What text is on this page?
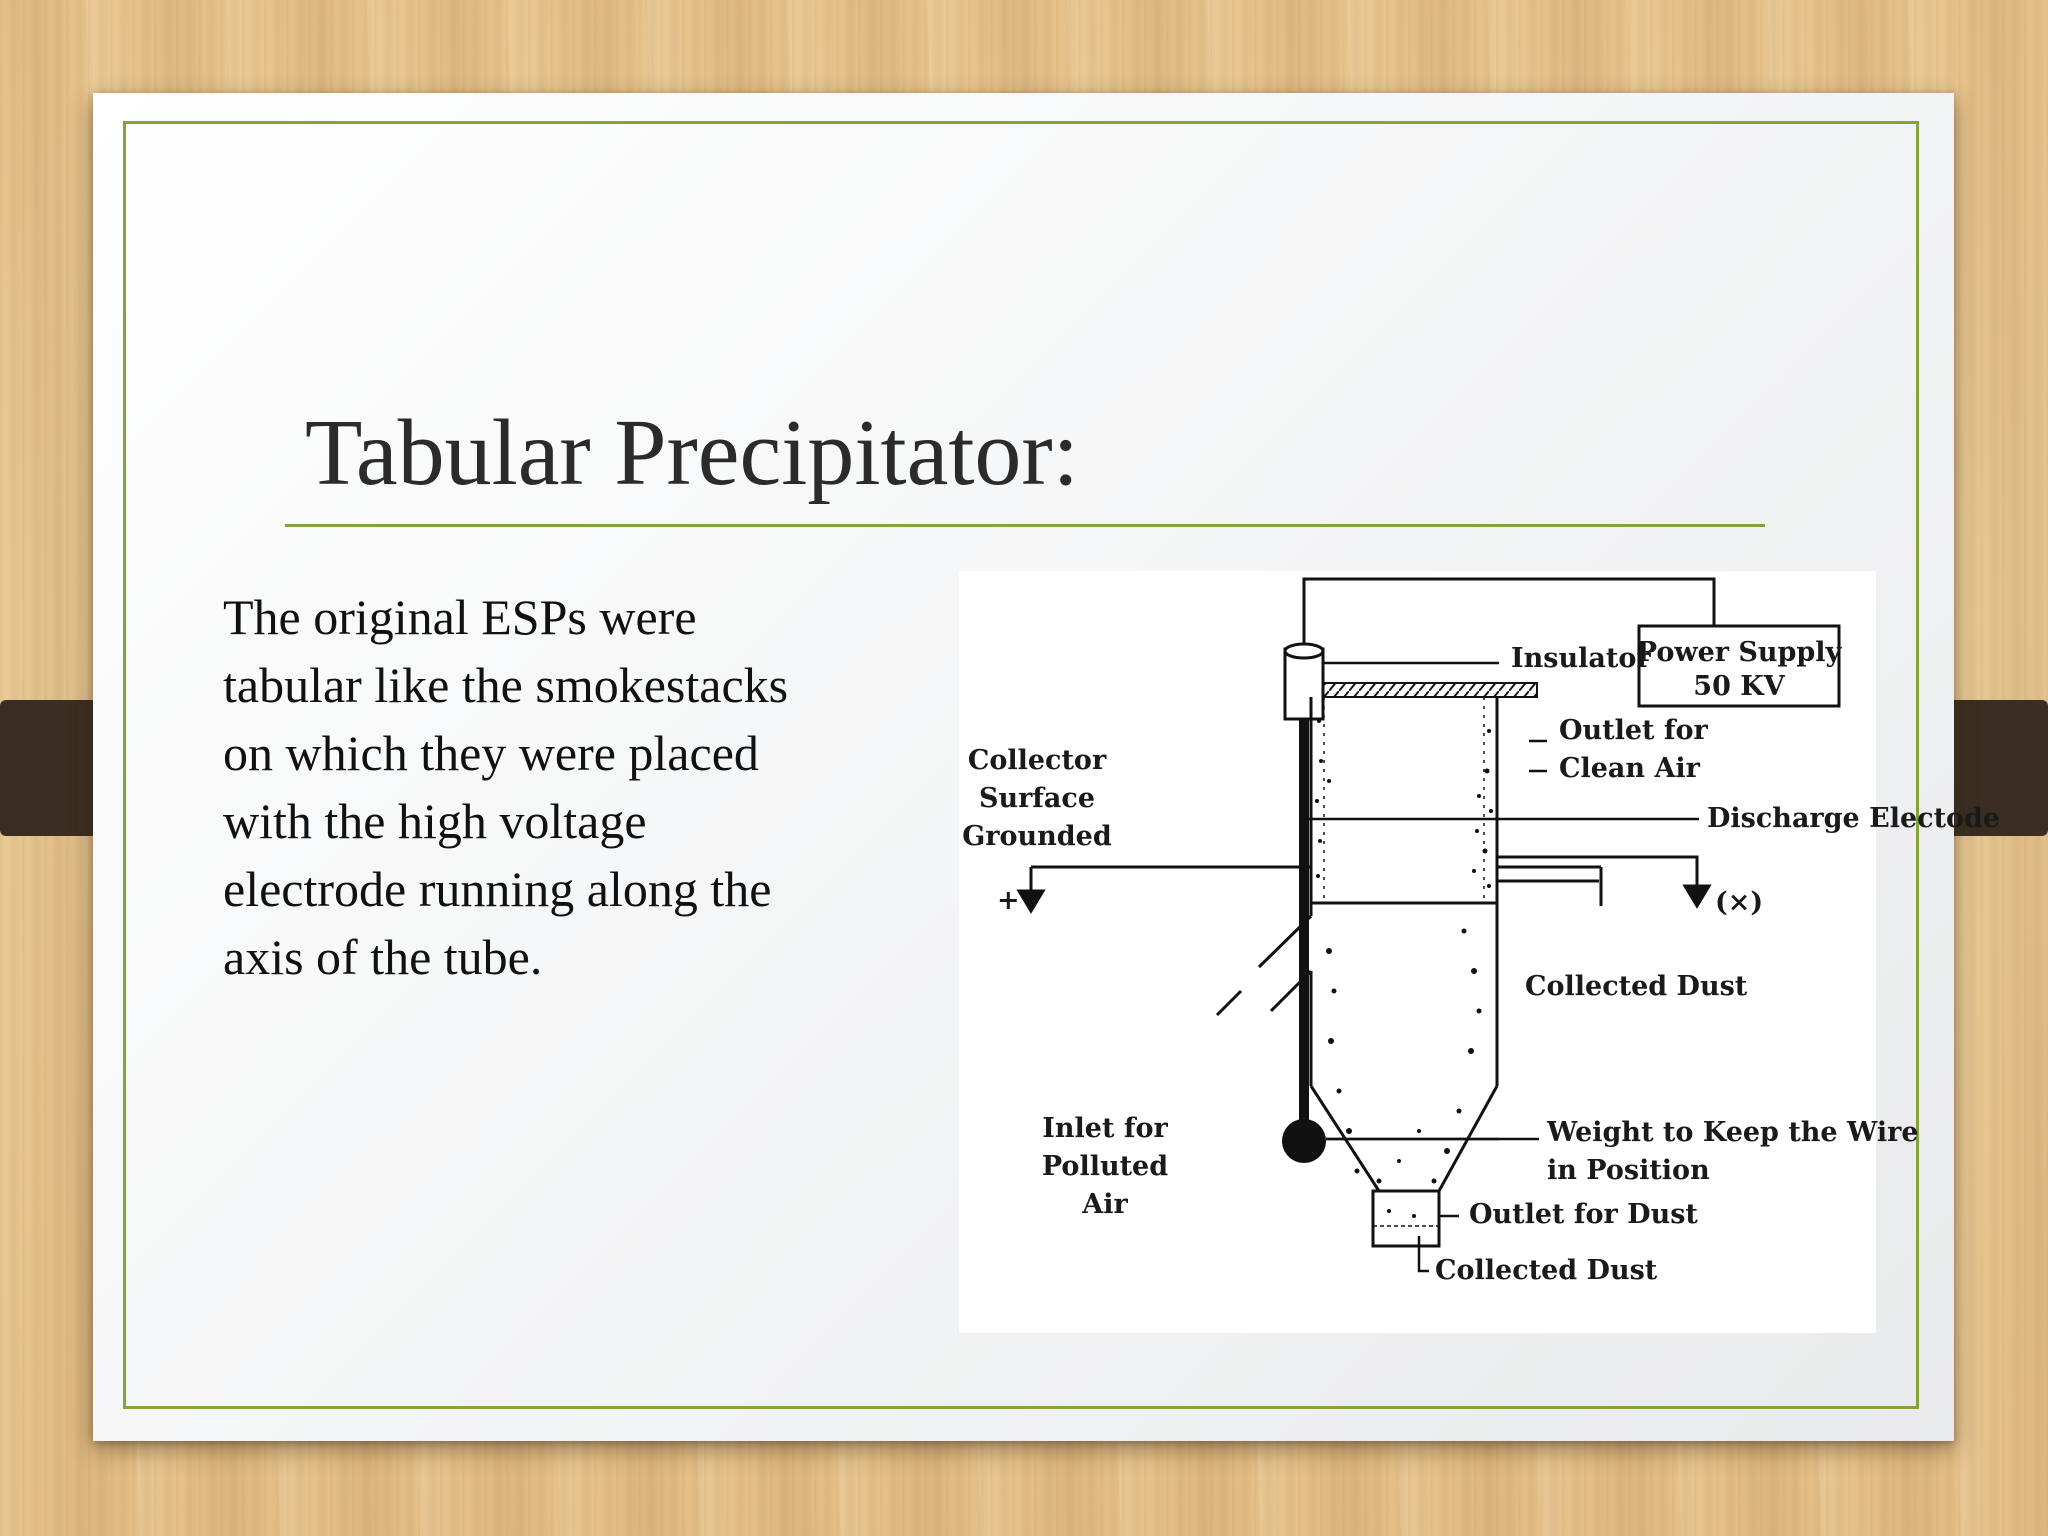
Tabular Precipitator:

The original ESPs were tabular like the smokestacks on which they were placed with the high voltage electrode running along the axis of the tube.

Power Supply
50 KV
+	(×)
Insulator
Outlet for
Clean Air
Discharge Electode
Collector
Surface
Grounded
Collected Dust
Weight to Keep the Wire
in Position
Inlet for
Polluted
Air	Outlet for Dust
Collected Dust
